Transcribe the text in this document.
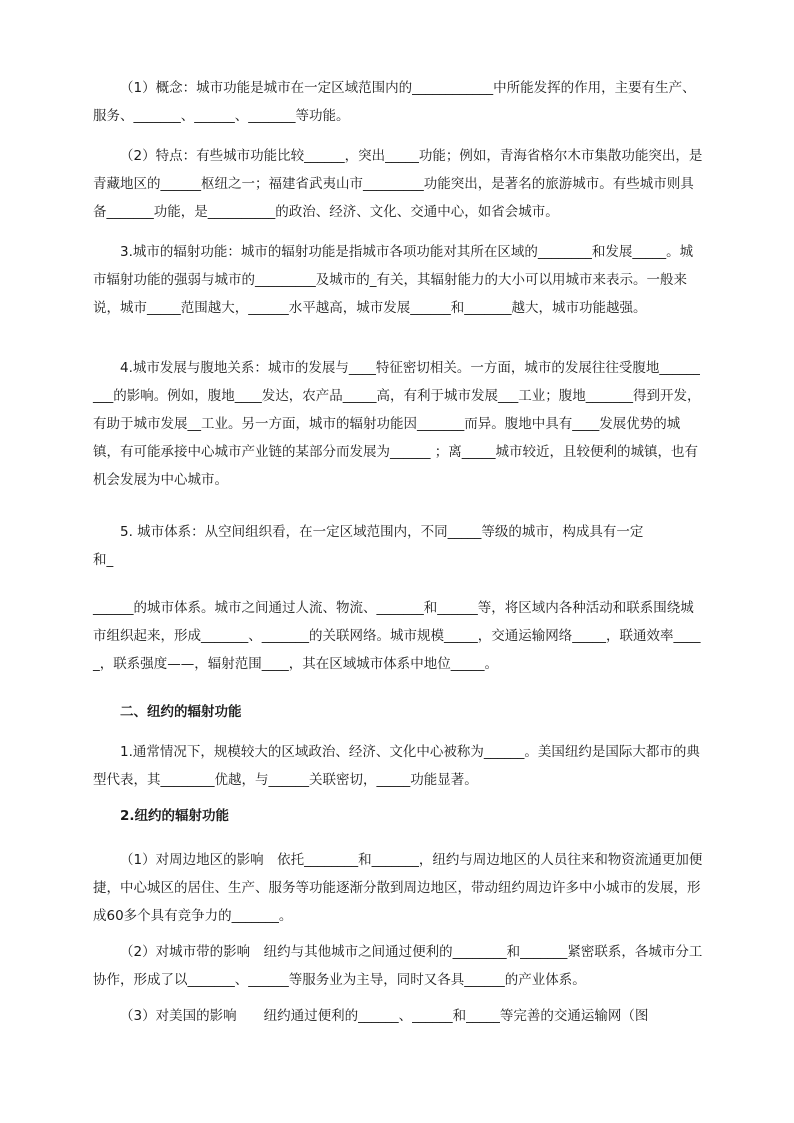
（1）概念：城市功能是城市在一定区域范围内的____________中所能发挥的作用，主要有生产、服务、_______、______、_______等功能。

（2）特点：有些城市功能比较______，突出_____功能；例如，青海省格尔木市集散功能突出，是青藏地区的______枢纽之一；福建省武夷山市_________功能突出，是著名的旅游城市。有些城市则具备_______功能，是__________的政治、经济、文化、交通中心，如省会城市。

3.城市的辐射功能：城市的辐射功能是指城市各项功能对其所在区域的________和发展_____。城市辐射功能的强弱与城市的_________及城市的_有关，其辐射能力的大小可以用城市来表示。一般来说，城市_____范围越大，______水平越高，城市发展______和_______越大，城市功能越强。

4.城市发展与腹地关系：城市的发展与____特征密切相关。一方面，城市的发展往往受腹地_________的影响。例如，腹地____发达，农产品_____高，有利于城市发展___工业；腹地_______得到开发，有助于城市发展__工业。另一方面，城市的辐射功能因_______而异。腹地中具有____发展优势的城镇，有可能承接中心城市产业链的某部分而发展为______ ；离_____城市较近，且较便利的城镇，也有机会发展为中心城市。

5. 城市体系：从空间组织看，在一定区域范围内，不同_____等级的城市，构成具有一定

和_

______的城市体系。城市之间通过人流、物流、_______和______等，将区域内各种活动和联系围绕城市组织起来，形成_______、_______的关联网络。城市规模_____，交通运输网络_____，联通效率_____，联系强度——，辐射范围____，其在区域城市体系中地位_____。

二、纽约的辐射功能

1.通常情况下，规模较大的区域政治、经济、文化中心被称为______。美国纽约是国际大都市的典型代表，其________优越，与______关联密切，_____功能显著。

2.纽约的辐射功能

（1）对周边地区的影响　依托________和_______，纽约与周边地区的人员往来和物资流通更加便捷，中心城区的居住、生产、服务等功能逐渐分散到周边地区，带动纽约周边许多中小城市的发展，形成60多个具有竞争力的_______。

（2）对城市带的影响　纽约与其他城市之间通过便利的________和_______紧密联系，各城市分工协作，形成了以_______、______等服务业为主导，同时又各具______的产业体系。

（3）对美国的影响　　纽约通过便利的______、______和_____等完善的交通运输网（图
